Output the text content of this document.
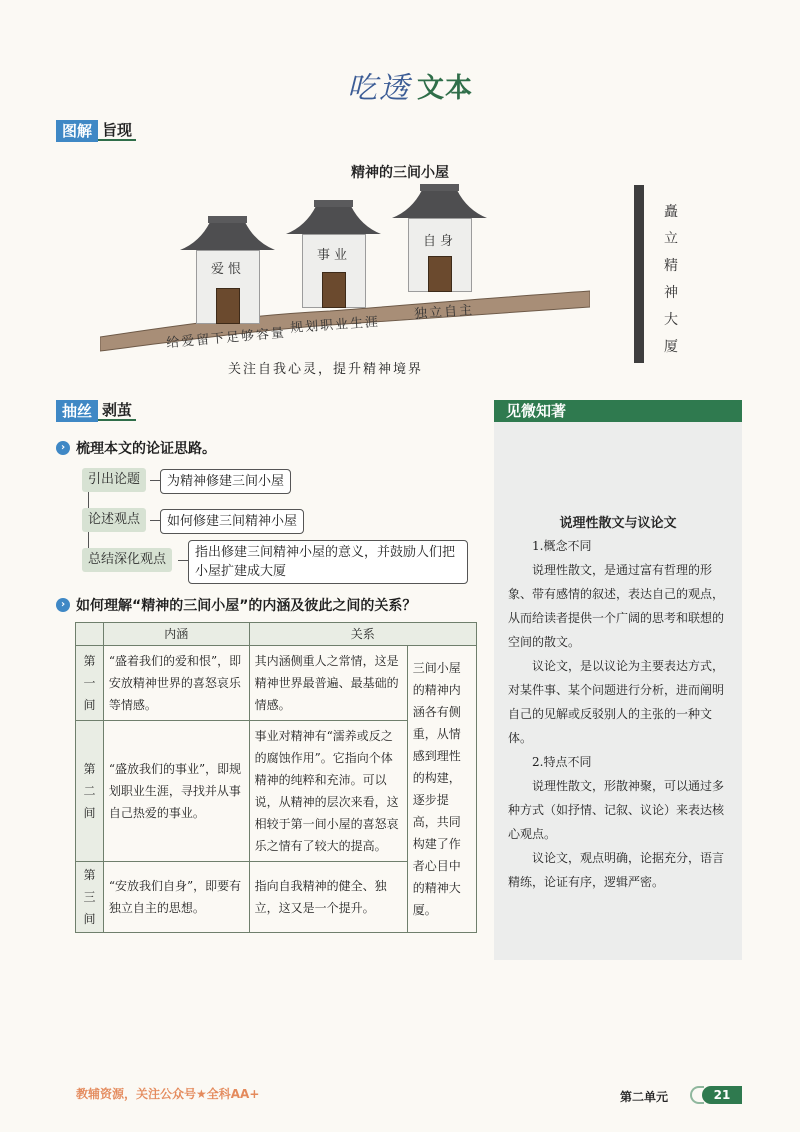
吃透 文本
图解 旨现
精神的三间小屋
爱恨
事业
自身
给爱留下足够容量
规划职业生涯
独立自主
关注自我心灵，提升精神境界
矗立精神大厦
抽丝 剥茧
› 梳理本文的论证思路。
引出论题	为精神修建三间小屋
论述观点	如何修建三间精神小屋
总结深化观点	指出修建三间精神小屋的意义，并鼓励人们把小屋扩建成大厦
› 如何理解“精神的三间小屋”的内涵及彼此之间的关系？
	内涵	关系	
第一间	“盛着我们的爱和恨”，即安放精神世界的喜怒哀乐等情感。	其内涵侧重人之常情，这是精神世界最普遍、最基础的情感。	三间小屋的精神内涵各有侧重，从情感到理性的构建，逐步提高，共同构建了作者心目中的精神大厦。
第二间	“盛放我们的事业”，即规划职业生涯，寻找并从事自己热爱的事业。	事业对精神有“濡养或反之的腐蚀作用”。它指向个体精神的纯粹和充沛。可以说，从精神的层次来看，这相较于第一间小屋的喜怒哀乐之情有了较大的提高。	
第三间	“安放我们自身”，即要有独立自主的思想。	指向自我精神的健全、独立，这又是一个提升。	
见微知著
说理性散文与议论文

1.概念不同

说理性散文，是通过富有哲理的形象、带有感情的叙述，表达自己的观点，从而给读者提供一个广阔的思考和联想的空间的散文。

议论文，是以议论为主要表达方式，对某件事、某个问题进行分析，进而阐明自己的见解或反驳别人的主张的一种文体。

2.特点不同

说理性散文，形散神聚，可以通过多种方式（如抒情、记叙、议论）来表达核心观点。

议论文，观点明确，论据充分，语言精练，论证有序，逻辑严密。

教辅资源，关注公众号★全科AA+	第二单元	21
